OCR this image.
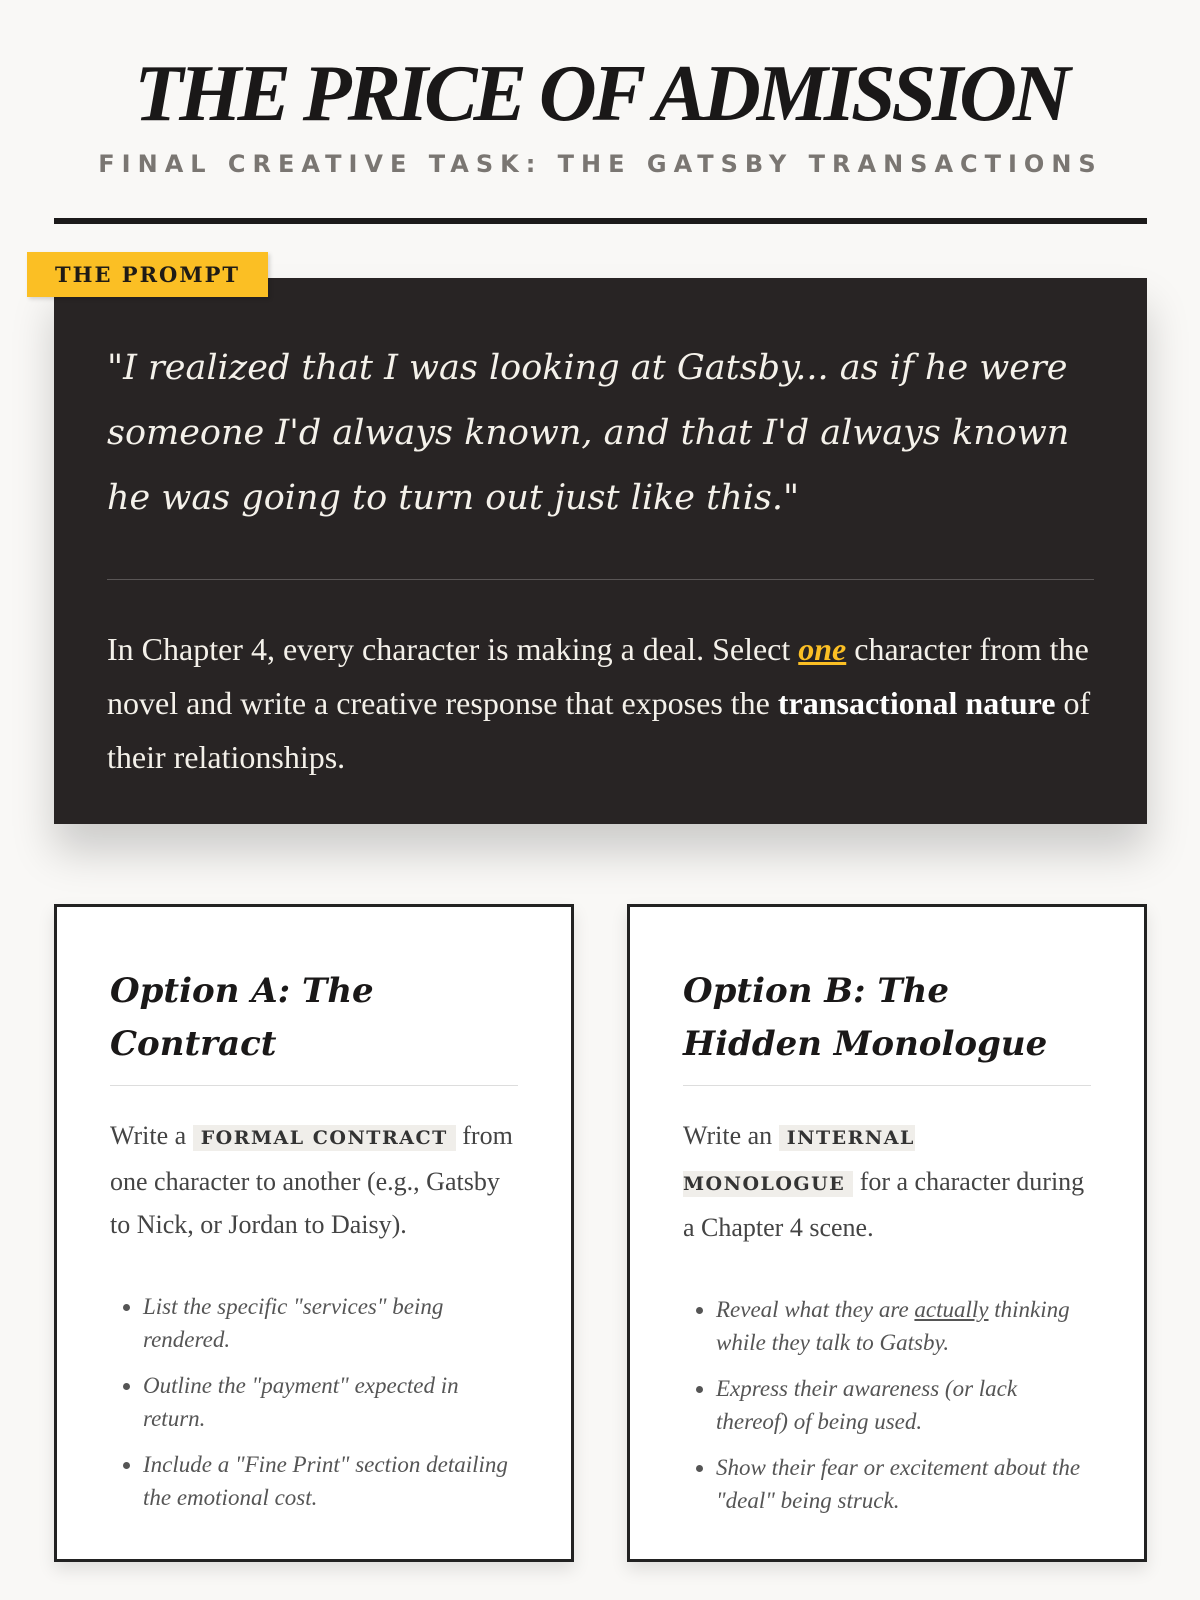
THE PRICE OF ADMISSION
FINAL CREATIVE TASK: THE GATSBY TRANSACTIONS
THE PROMPT

"I realized that I was looking at Gatsby... as if he were someone I'd always known, and that I'd always known he was going to turn out just like this."

In Chapter 4, every character is making a deal. Select one character from the novel and write a creative response that exposes the transactional nature of their relationships.

Option A: The Contract

Write a FORMAL CONTRACT from one character to another (e.g., Gatsby to Nick, or Jordan to Daisy).

• List the specific "services" being rendered.
• Outline the "payment" expected in return.
• Include a "Fine Print" section detailing the emotional cost.
Option B: The Hidden Monologue

Write an INTERNAL MONOLOGUE for a character during a Chapter 4 scene.

• Reveal what they are actually thinking while they talk to Gatsby.
• Express their awareness (or lack thereof) of being used.
• Show their fear or excitement about the "deal" being struck.
